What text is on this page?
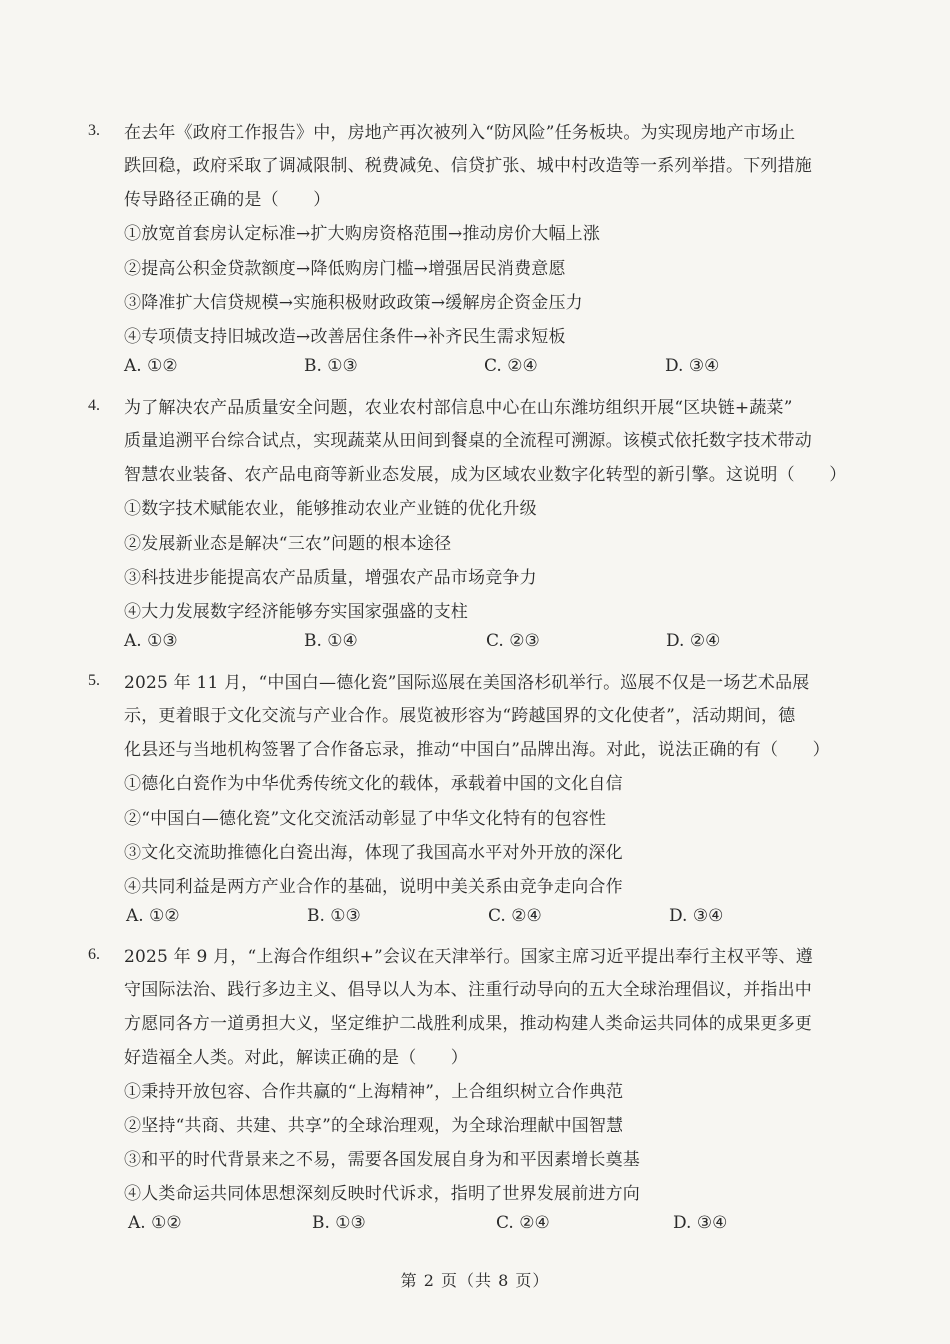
3. 在去年《政府工作报告》中，房地产再次被列入“防风险”任务板块。为实现房地产市场止
跌回稳，政府采取了调减限制、税费减免、信贷扩张、城中村改造等一系列举措。下列措施
传导路径正确的是（　　）
①放宽首套房认定标准→扩大购房资格范围→推动房价大幅上涨
②提高公积金贷款额度→降低购房门槛→增强居民消费意愿
③降准扩大信贷规模→实施积极财政政策→缓解房企资金压力
④专项债支持旧城改造→改善居住条件→补齐民生需求短板
A. ①②	B. ①③	C. ②④	D. ③④
4. 为了解决农产品质量安全问题，农业农村部信息中心在山东潍坊组织开展“区块链+蔬菜”
质量追溯平台综合试点，实现蔬菜从田间到餐桌的全流程可溯源。该模式依托数字技术带动
智慧农业装备、农产品电商等新业态发展，成为区域农业数字化转型的新引擎。这说明（　　）
①数字技术赋能农业，能够推动农业产业链的优化升级
②发展新业态是解决“三农”问题的根本途径
③科技进步能提高农产品质量，增强农产品市场竞争力
④大力发展数字经济能够夯实国家强盛的支柱
A. ①③	B. ①④	C. ②③	D. ②④
5. 2025 年 11 月，“中国白—德化瓷”国际巡展在美国洛杉矶举行。巡展不仅是一场艺术品展
示，更着眼于文化交流与产业合作。展览被形容为“跨越国界的文化使者”，活动期间，德
化县还与当地机构签署了合作备忘录，推动“中国白”品牌出海。对此，说法正确的有（　　）
①德化白瓷作为中华优秀传统文化的载体，承载着中国的文化自信
②“中国白—德化瓷”文化交流活动彰显了中华文化特有的包容性
③文化交流助推德化白瓷出海，体现了我国高水平对外开放的深化
④共同利益是两方产业合作的基础，说明中美关系由竞争走向合作
A. ①②	B. ①③	C. ②④	D. ③④
6. 2025 年 9 月，“上海合作组织+”会议在天津举行。国家主席习近平提出奉行主权平等、遵
守国际法治、践行多边主义、倡导以人为本、注重行动导向的五大全球治理倡议，并指出中
方愿同各方一道勇担大义，坚定维护二战胜利成果，推动构建人类命运共同体的成果更多更
好造福全人类。对此，解读正确的是（　　）
①秉持开放包容、合作共赢的“上海精神”，上合组织树立合作典范
②坚持“共商、共建、共享”的全球治理观，为全球治理献中国智慧
③和平的时代背景来之不易，需要各国发展自身为和平因素增长奠基
④人类命运共同体思想深刻反映时代诉求，指明了世界发展前进方向
A. ①②	B. ①③	C. ②④	D. ③④
第 2 页（共 8 页）
